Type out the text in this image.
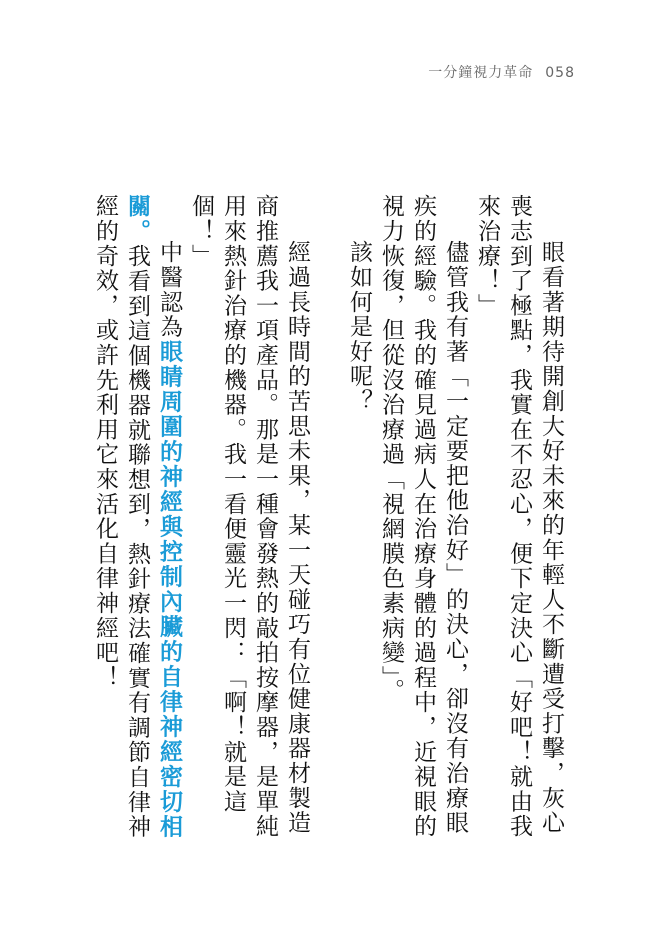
一分鐘視力革命 058

眼看著期待開創大好未來的年輕人不斷遭受打擊，灰心喪志到了極點，我實在不忍心，便下定決心「好吧！就由我來治療！」

儘管我有著「一定要把他治好」的決心，卻沒有治療眼疾的經驗。我的確見過病人在治療身體的過程中，近視眼的視力恢復，但從沒治療過「視網膜色素病變」。

該如何是好呢？

經過長時間的苦思未果，某一天碰巧有位健康器材製造商推薦我一項產品。那是一種會發熱的敲拍按摩器，是單純用來熱針治療的機器。我一看便靈光一閃：「啊！就是這個！」

中醫認為眼睛周圍的神經與控制內臟的自律神經密切相關。我看到這個機器就聯想到，熱針療法確實有調節自律神經的奇效，或許先利用它來活化自律神經吧！
